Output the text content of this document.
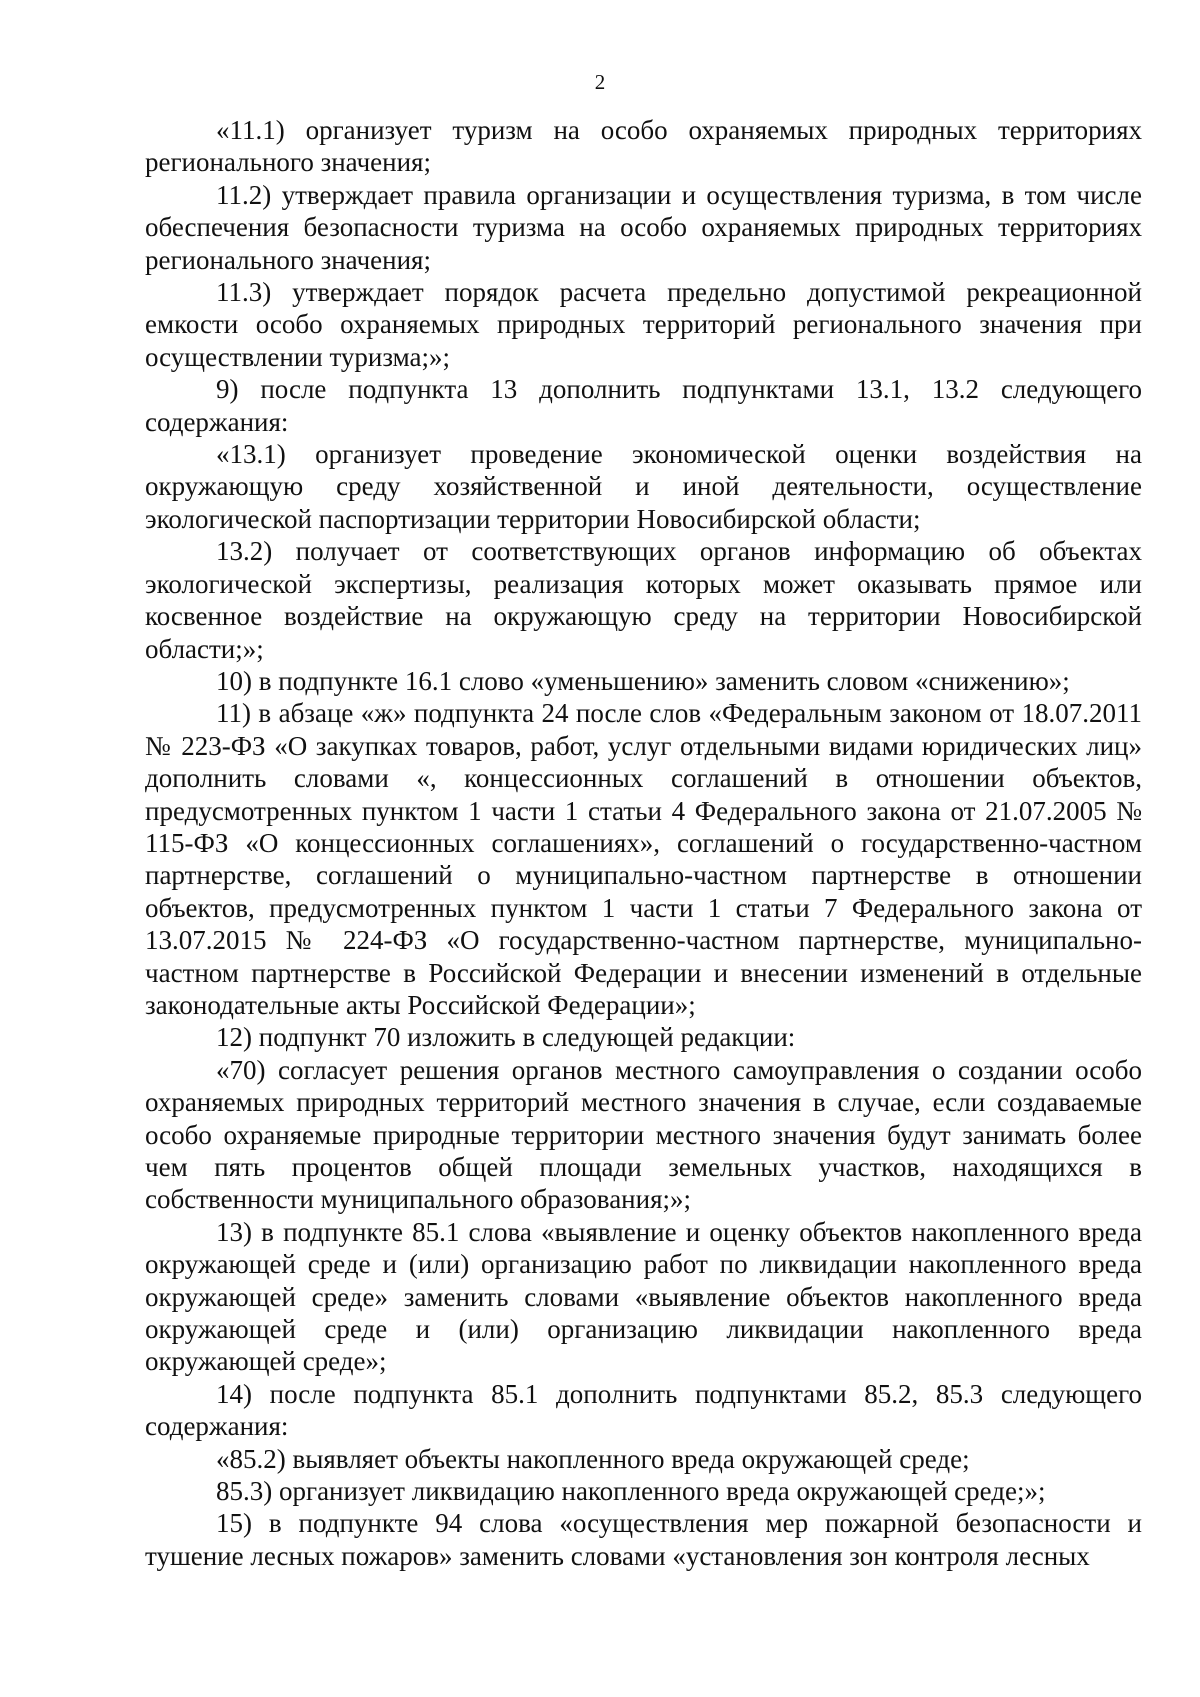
2

«11.1) организует туризм на особо охраняемых природных территориях регионального значения;

11.2) утверждает правила организации и осуществления туризма, в том числе обеспечения безопасности туризма на особо охраняемых природных территориях регионального значения;

11.3) утверждает порядок расчета предельно допустимой рекреационной емкости особо охраняемых природных территорий регионального значения при осуществлении туризма;»;

9) после подпункта 13 дополнить подпунктами 13.1, 13.2 следующего содержания:

«13.1) организует проведение экономической оценки воздействия на окружающую среду хозяйственной и иной деятельности, осуществление экологической паспортизации территории Новосибирской области;

13.2) получает от соответствующих органов информацию об объектах экологической экспертизы, реализация которых может оказывать прямое или косвенное воздействие на окружающую среду на территории Новосибирской области;»;

10) в подпункте 16.1 слово «уменьшению» заменить словом «снижению»;

11) в абзаце «ж» подпункта 24 после слов «Федеральным законом от 18.07.2011 № 223-ФЗ «О закупках товаров, работ, услуг отдельными видами юридических лиц» дополнить словами «, концессионных соглашений в отношении объектов, предусмотренных пунктом 1 части 1 статьи 4 Федерального закона от 21.07.2005 № 115-ФЗ «О концессионных соглашениях», соглашений о государственно-частном партнерстве, соглашений о муниципально-частном партнерстве в отношении объектов, предусмотренных пунктом 1 части 1 статьи 7 Федерального закона от 13.07.2015 № 224-ФЗ «О государственно-частном партнерстве, муниципально-частном партнерстве в Российской Федерации и внесении изменений в отдельные законодательные акты Российской Федерации»;

12) подпункт 70 изложить в следующей редакции:

«70) согласует решения органов местного самоуправления о создании особо охраняемых природных территорий местного значения в случае, если создаваемые особо охраняемые природные территории местного значения будут занимать более чем пять процентов общей площади земельных участков, находящихся в собственности муниципального образования;»;

13) в подпункте 85.1 слова «выявление и оценку объектов накопленного вреда окружающей среде и (или) организацию работ по ликвидации накопленного вреда окружающей среде» заменить словами «выявление объектов накопленного вреда окружающей среде и (или) организацию ликвидации накопленного вреда окружающей среде»;

14) после подпункта 85.1 дополнить подпунктами 85.2, 85.3 следующего содержания:

«85.2) выявляет объекты накопленного вреда окружающей среде;

85.3) организует ликвидацию накопленного вреда окружающей среде;»;

15) в подпункте 94 слова «осуществления мер пожарной безопасности и тушение лесных пожаров» заменить словами «установления зон контроля лесных
